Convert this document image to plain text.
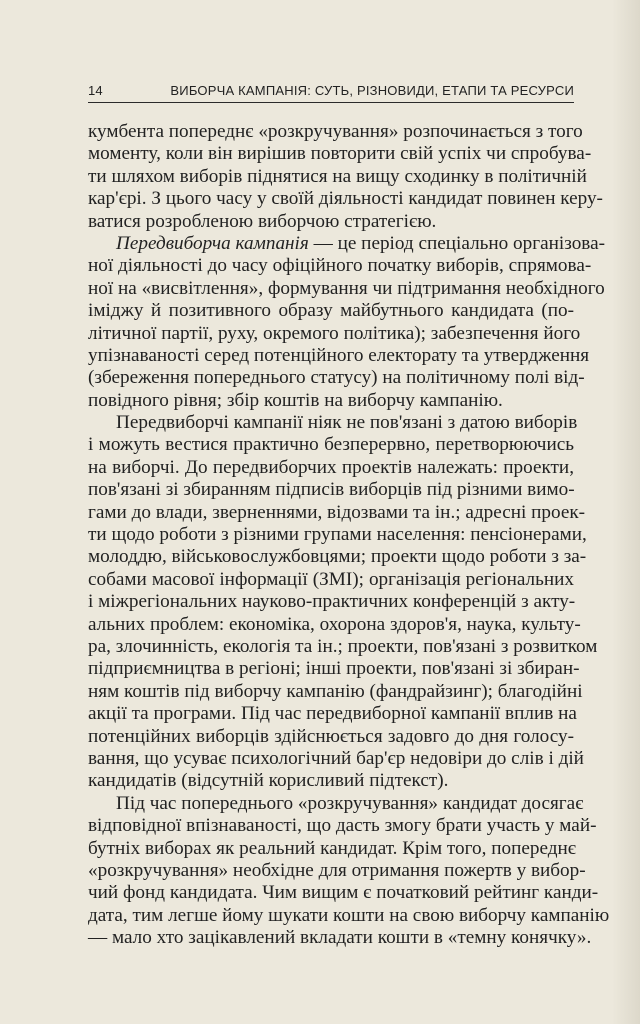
14	ВИБОРЧА КАМПАНІЯ: СУТЬ, РІЗНОВИДИ, ЕТАПИ ТА РЕСУРСИ
кумбента попереднє «розкручування» розпочинається з того
моменту, коли він вирішив повторити свій успіх чи спробува-
ти шляхом виборів піднятися на вищу сходинку в політичній
кар'єрі. З цього часу у своїй діяльності кандидат повинен керу-
ватися розробленою виборчою стратегією.
Передвиборча кампанія — це період спеціально організова-
ної діяльності до часу офіційного початку виборів, спрямова-
ної на «висвітлення», формування чи підтримання необхідного
іміджу й позитивного образу майбутнього кандидата (по-
літичної партії, руху, окремого політика); забезпечення його
упізнаваності серед потенційного електорату та утвердження
(збереження попереднього статусу) на політичному полі від-
повідного рівня; збір коштів на виборчу кампанію.
Передвиборчі кампанії ніяк не пов'язані з датою виборів
і можуть вестися практично безперервно, перетворюючись
на виборчі. До передвиборчих проектів належать: проекти,
пов'язані зі збиранням підписів виборців під різними вимо-
гами до влади, зверненнями, відозвами та ін.; адресні проек-
ти щодо роботи з різними групами населення: пенсіонерами,
молоддю, військовослужбовцями; проекти щодо роботи з за-
собами масової інформації (ЗМІ); організація регіональних
і міжрегіональних науково-практичних конференцій з акту-
альних проблем: економіка, охорона здоров'я, наука, культу-
ра, злочинність, екологія та ін.; проекти, пов'язані з розвитком
підприємництва в регіоні; інші проекти, пов'язані зі збиран-
ням коштів під виборчу кампанію (фандрайзинг); благодійні
акції та програми. Під час передвиборної кампанії вплив на
потенційних виборців здійснюється задовго до дня голосу-
вання, що усуває психологічний бар'єр недовіри до слів і дій
кандидатів (відсутній корисливий підтекст).
Під час попереднього «розкручування» кандидат досягає
відповідної впізнаваності, що дасть змогу брати участь у май-
бутніх виборах як реальний кандидат. Крім того, попереднє
«розкручування» необхідне для отримання пожертв у вибор-
чий фонд кандидата. Чим вищим є початковий рейтинг канди-
дата, тим легше йому шукати кошти на свою виборчу кампанію
— мало хто зацікавлений вкладати кошти в «темну конячку».
